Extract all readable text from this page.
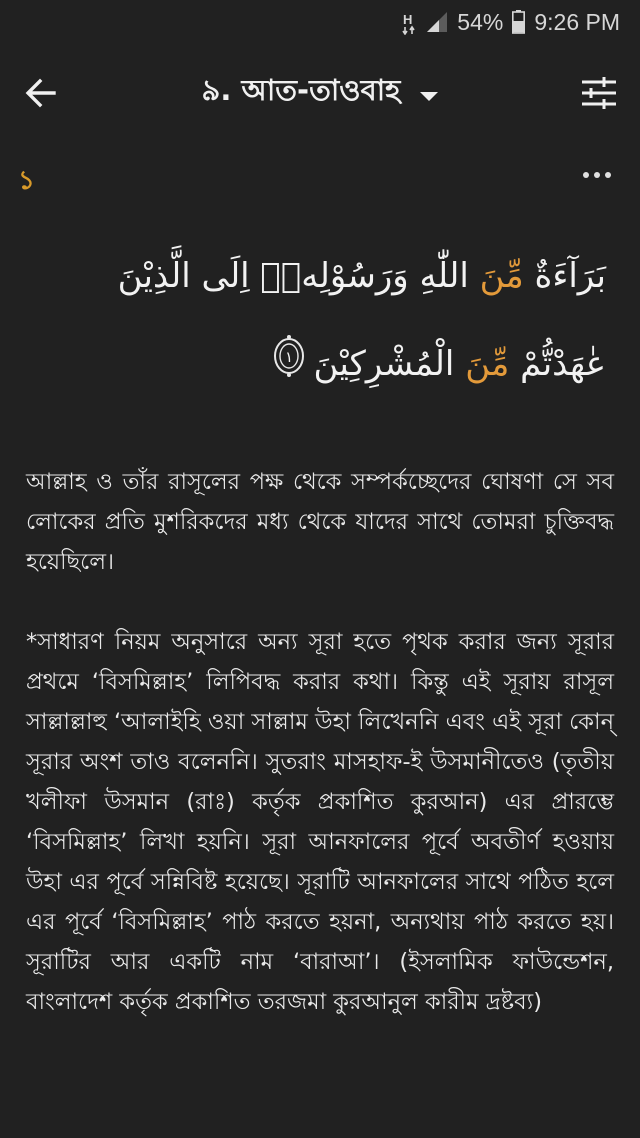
H 54% 9:26 PM
৯. আত-তাওবাহ
১
بَرَآءَةٌ مِّنَ اللّٰهِ وَرَسُوْلِهٖۤ اِلَى الَّذِيْنَ عٰهَدْتُّمْ مِّنَ الْمُشْرِكِيْنَ
١
আল্লাহ ও তাঁর রাসূলের পক্ষ থেকে সম্পর্কচ্ছেদের ঘোষণা সে সব লোকের প্রতি মুশরিকদের মধ্য থেকে যাদের সাথে তোমরা চুক্তিবদ্ধ হয়েছিলে।
*সাধারণ নিয়ম অনুসারে অন্য সূরা হতে পৃথক করার জন্য সূরার প্রথমে ‘বিসমিল্লাহ’ লিপিবদ্ধ করার কথা। কিন্তু এই সূরায় রাসূল সাল্লাল্লাহু ‘আলাইহি ওয়া সাল্লাম উহা লিখেননি এবং এই সূরা কোন্ সূরার অংশ তাও বলেননি। সুতরাং মাসহাফ-ই উসমানীতেও (তৃতীয় খলীফা উসমান (রাঃ) কর্তৃক প্রকাশিত কুরআন) এর প্রারম্ভে ‘বিসমিল্লাহ’ লিখা হয়নি। সূরা আনফালের পূর্বে অবতীর্ণ হওয়ায় উহা এর পূর্বে সন্নিবিষ্ট হয়েছে। সূরাটি আনফালের সাথে পঠিত হলে এর পূর্বে ‘বিসমিল্লাহ’ পাঠ করতে হয়না, অন্যথায় পাঠ করতে হয়। সূরাটির আর একটি নাম ‘বারাআ’। (ইসলামিক ফাউন্ডেশন, বাংলাদেশ কর্তৃক প্রকাশিত তরজমা কুরআনুল কারীম দ্রষ্টব্য)
